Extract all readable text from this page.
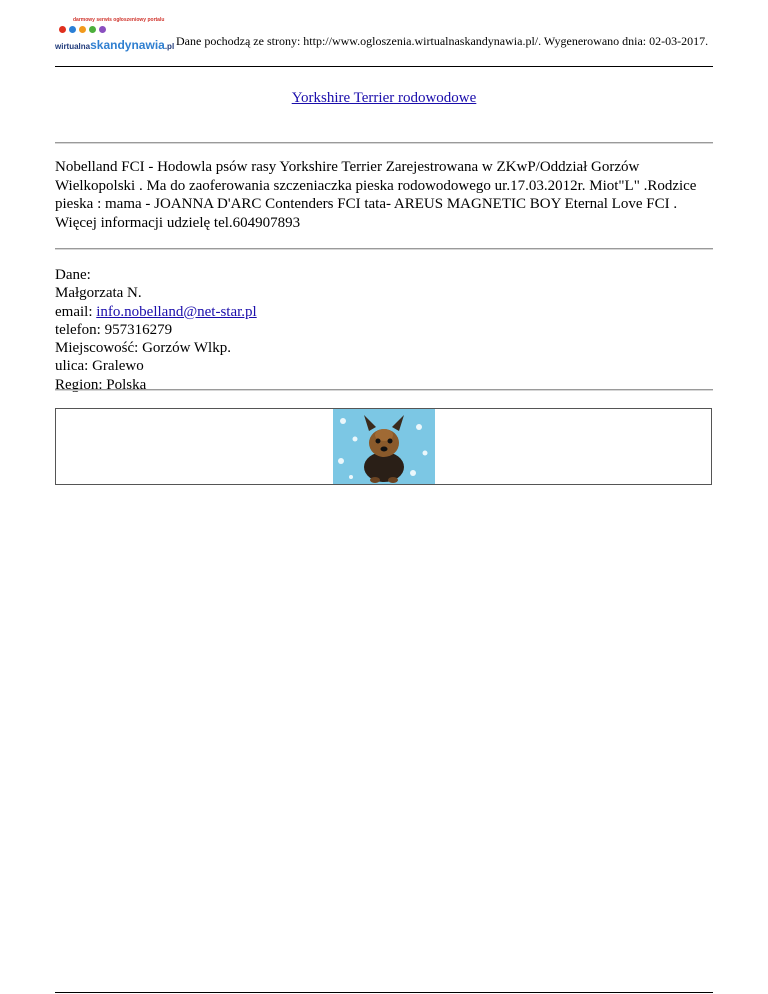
darmowy serwis ogłoszeniowy portalu
wirtualnaskandynawia.pl Dane pochodzą ze strony: http://www.ogloszenia.wirtualnaskandynawia.pl/. Wygenerowano dnia: 02-03-2017.
Yorkshire Terrier rodowodowe
Nobelland FCI - Hodowla psów rasy Yorkshire Terrier Zarejestrowana w ZKwP/Oddział Gorzów Wielkopolski . Ma do zaoferowania szczeniaczka pieska rodowodowego ur.17.03.2012r. Miot"L" .Rodzice pieska : mama - JOANNA D'ARC Contenders FCI tata- AREUS MAGNETIC BOY Eternal Love FCI . Więcej informacji udzielę tel.604907893
Dane:
Małgorzata N.
email: info.nobelland@net-star.pl
telefon: 957316279
Miejscowość: Gorzów Wlkp.
ulica: Gralewo
Region: Polska
